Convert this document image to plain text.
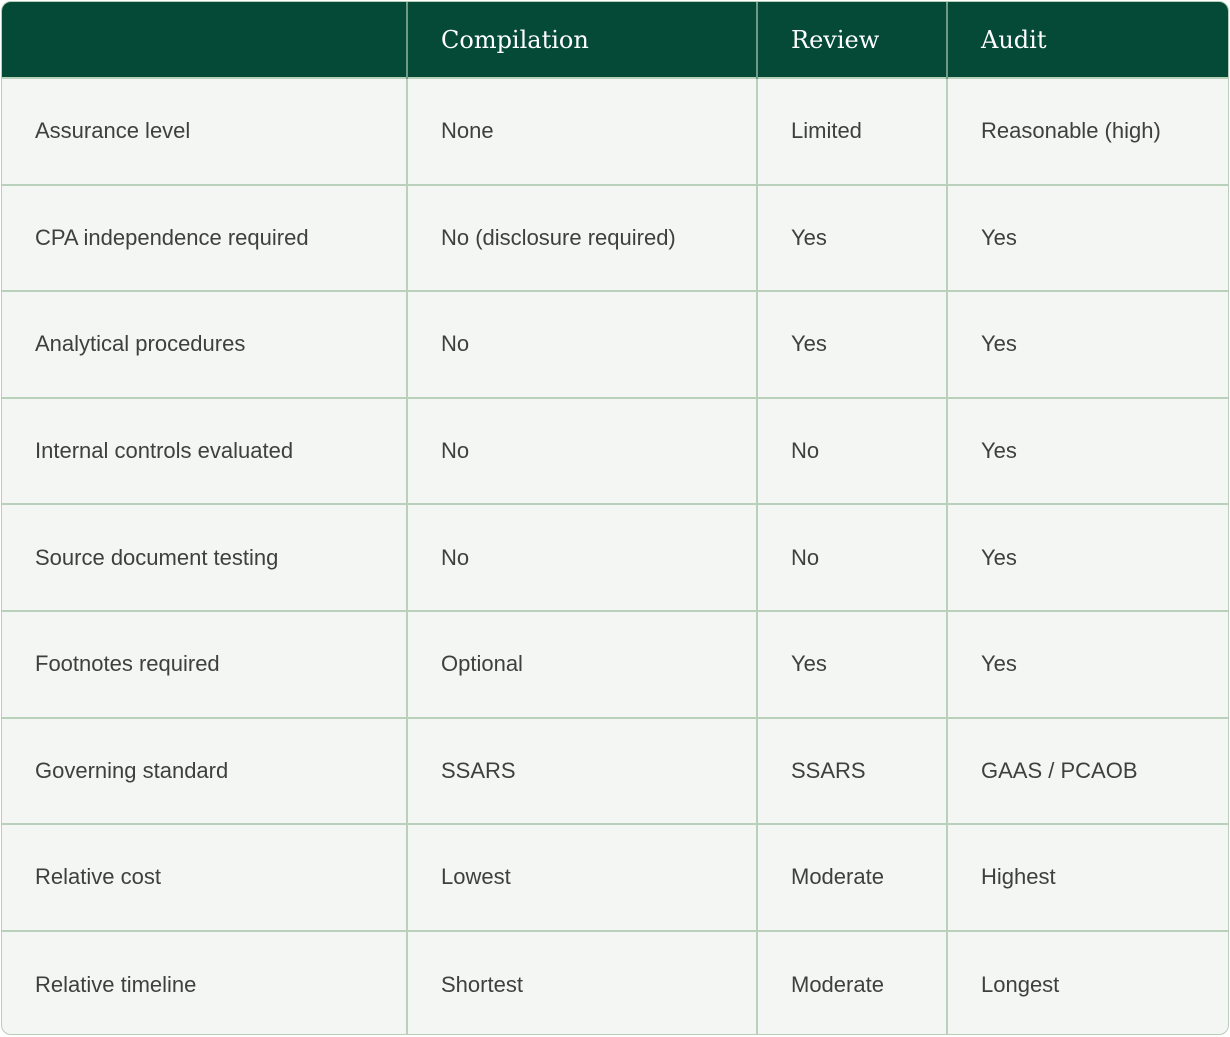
	Compilation	Review	Audit
Assurance level	None	Limited	Reasonable (high)
CPA independence required	No (disclosure required)	Yes	Yes
Analytical procedures	No	Yes	Yes
Internal controls evaluated	No	No	Yes
Source document testing	No	No	Yes
Footnotes required	Optional	Yes	Yes
Governing standard	SSARS	SSARS	GAAS / PCAOB
Relative cost	Lowest	Moderate	Highest
Relative timeline	Shortest	Moderate	Longest
